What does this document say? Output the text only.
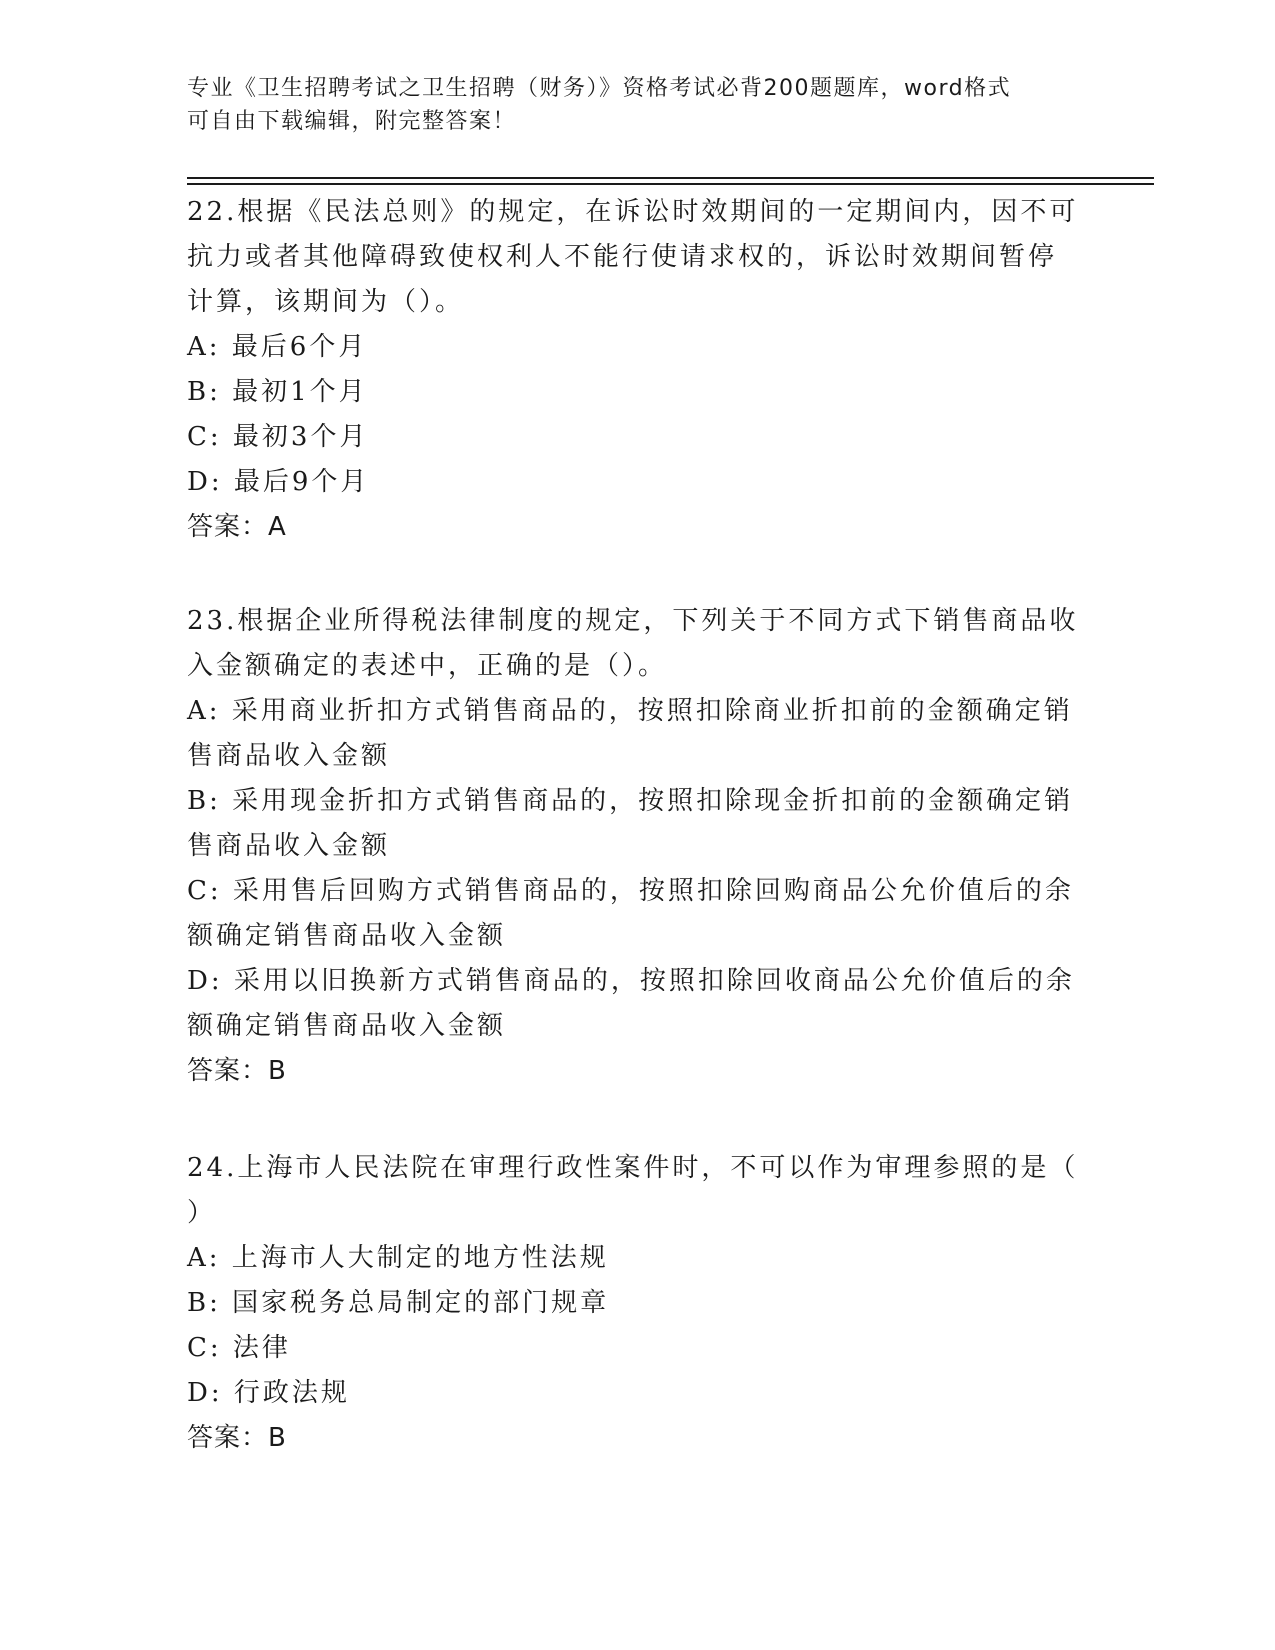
专业《卫生招聘考试之卫生招聘（财务）》资格考试必背200题题库，word格式
可自由下载编辑，附完整答案！
22.根据《民法总则》的规定，在诉讼时效期间的一定期间内，因不可
抗力或者其他障碍致使权利人不能行使请求权的，诉讼时效期间暂停
计算，该期间为（）。
A: 最后6个月
B: 最初1个月
C: 最初3个月
D: 最后9个月
答案：A
23.根据企业所得税法律制度的规定，下列关于不同方式下销售商品收
入金额确定的表述中，正确的是（）。
A: 采用商业折扣方式销售商品的，按照扣除商业折扣前的金额确定销
售商品收入金额
B: 采用现金折扣方式销售商品的，按照扣除现金折扣前的金额确定销
售商品收入金额
C: 采用售后回购方式销售商品的，按照扣除回购商品公允价值后的余
额确定销售商品收入金额
D: 采用以旧换新方式销售商品的，按照扣除回收商品公允价值后的余
额确定销售商品收入金额
答案：B
24.上海市人民法院在审理行政性案件时，不可以作为审理参照的是（
）
A: 上海市人大制定的地方性法规
B: 国家税务总局制定的部门规章
C: 法律
D: 行政法规
答案：B
